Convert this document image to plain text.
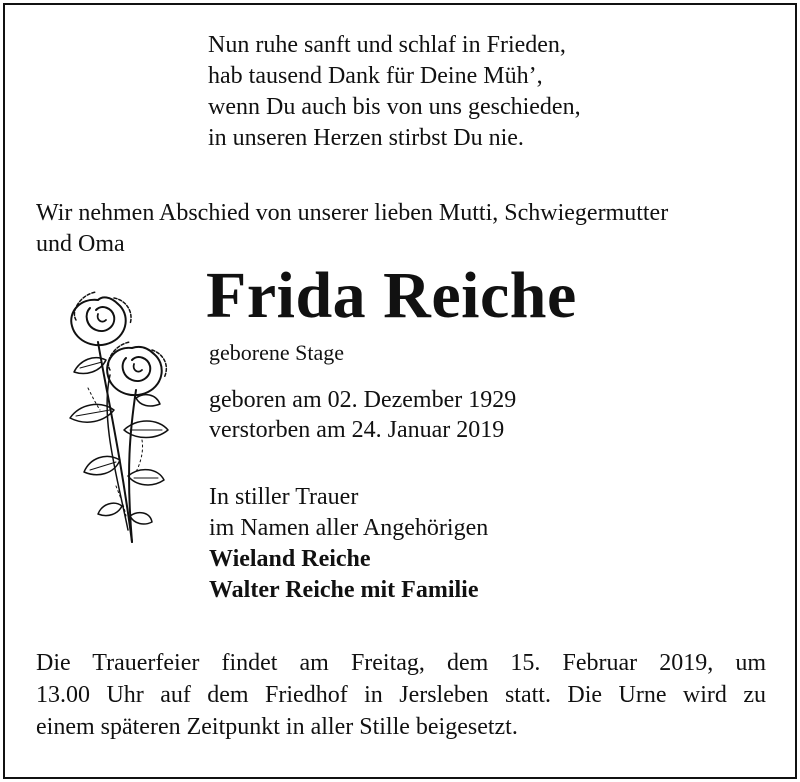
Nun ruhe sanft und schlaf in Frieden,
hab tausend Dank für Deine Müh’,
wenn Du auch bis von uns geschieden,
in unseren Herzen stirbst Du nie.
Wir nehmen Abschied von unserer lieben Mutti, Schwiegermutter
und Oma
Frida Reiche
geborene Stage
geboren am 02. Dezember 1929
verstorben am 24. Januar 2019
In stiller Trauer
im Namen aller Angehörigen
Wieland Reiche
Walter Reiche mit Familie
Die Trauerfeier findet am Freitag, dem 15. Februar 2019, um
13.00 Uhr auf dem Friedhof in Jersleben statt. Die Urne wird zu
einem späteren Zeitpunkt in aller Stille beigesetzt.
